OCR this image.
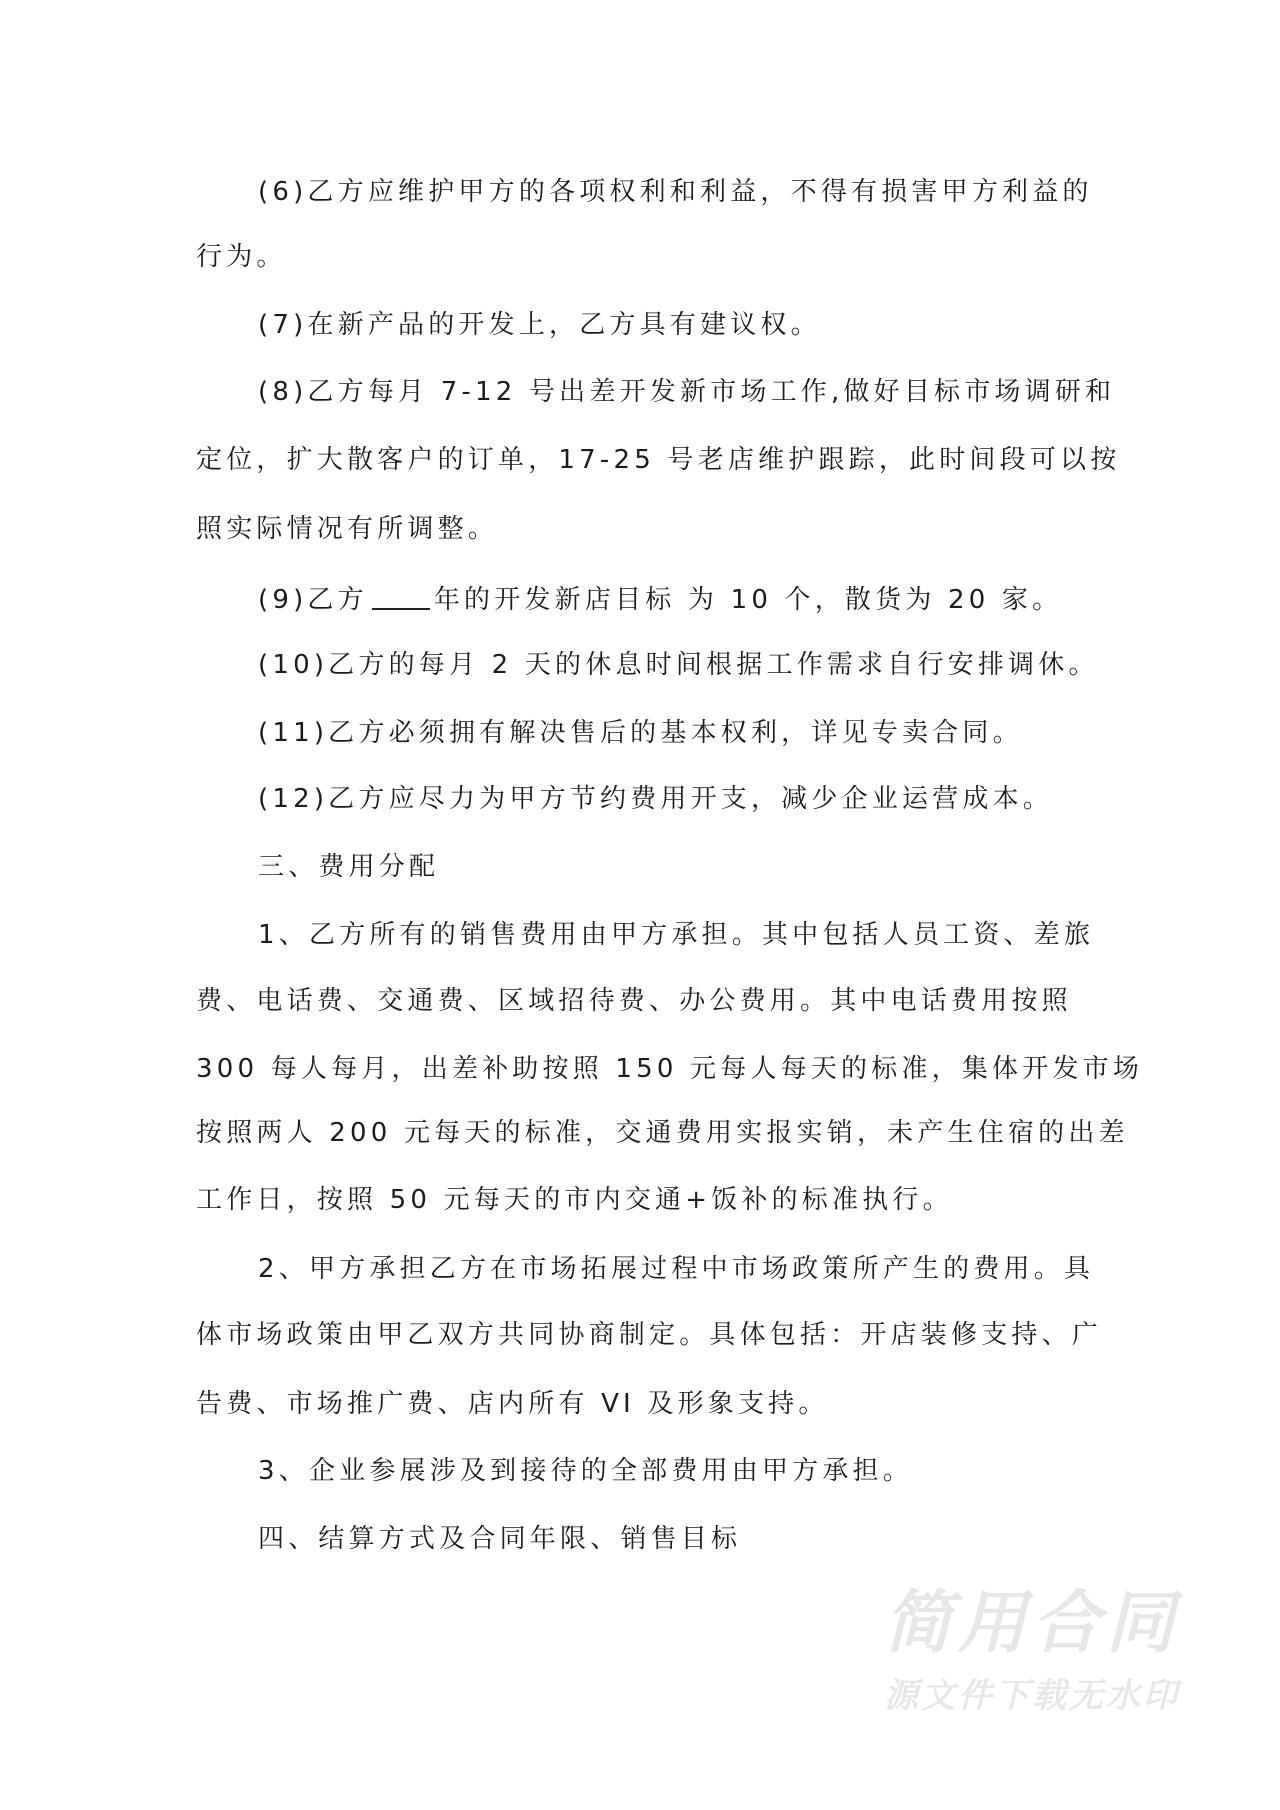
(6)乙方应维护甲方的各项权利和利益，不得有损害甲方利益的
行为。
(7)在新产品的开发上，乙方具有建议权。
(8)乙方每月 7-12 号出差开发新市场工作,做好目标市场调研和
定位，扩大散客户的订单，17-25 号老店维护跟踪，此时间段可以按
照实际情况有所调整。
(9)乙方	年的开发新店目标 为 10 个，散货为 20 家。
(10)乙方的每月 2 天的休息时间根据工作需求自行安排调休。
(11)乙方必须拥有解决售后的基本权利，详见专卖合同。
(12)乙方应尽力为甲方节约费用开支，减少企业运营成本。
三、费用分配
1、乙方所有的销售费用由甲方承担。其中包括人员工资、差旅
费、电话费、交通费、区域招待费、办公费用。其中电话费用按照
300 每人每月，出差补助按照 150 元每人每天的标准，集体开发市场
按照两人 200 元每天的标准，交通费用实报实销，未产生住宿的出差
工作日，按照 50 元每天的市内交通+饭补的标准执行。
2、甲方承担乙方在市场拓展过程中市场政策所产生的费用。具
体市场政策由甲乙双方共同协商制定。具体包括：开店装修支持、广
告费、市场推广费、店内所有 VI 及形象支持。
3、企业参展涉及到接待的全部费用由甲方承担。
四、结算方式及合同年限、销售目标
简用合同
源文件下载无水印
